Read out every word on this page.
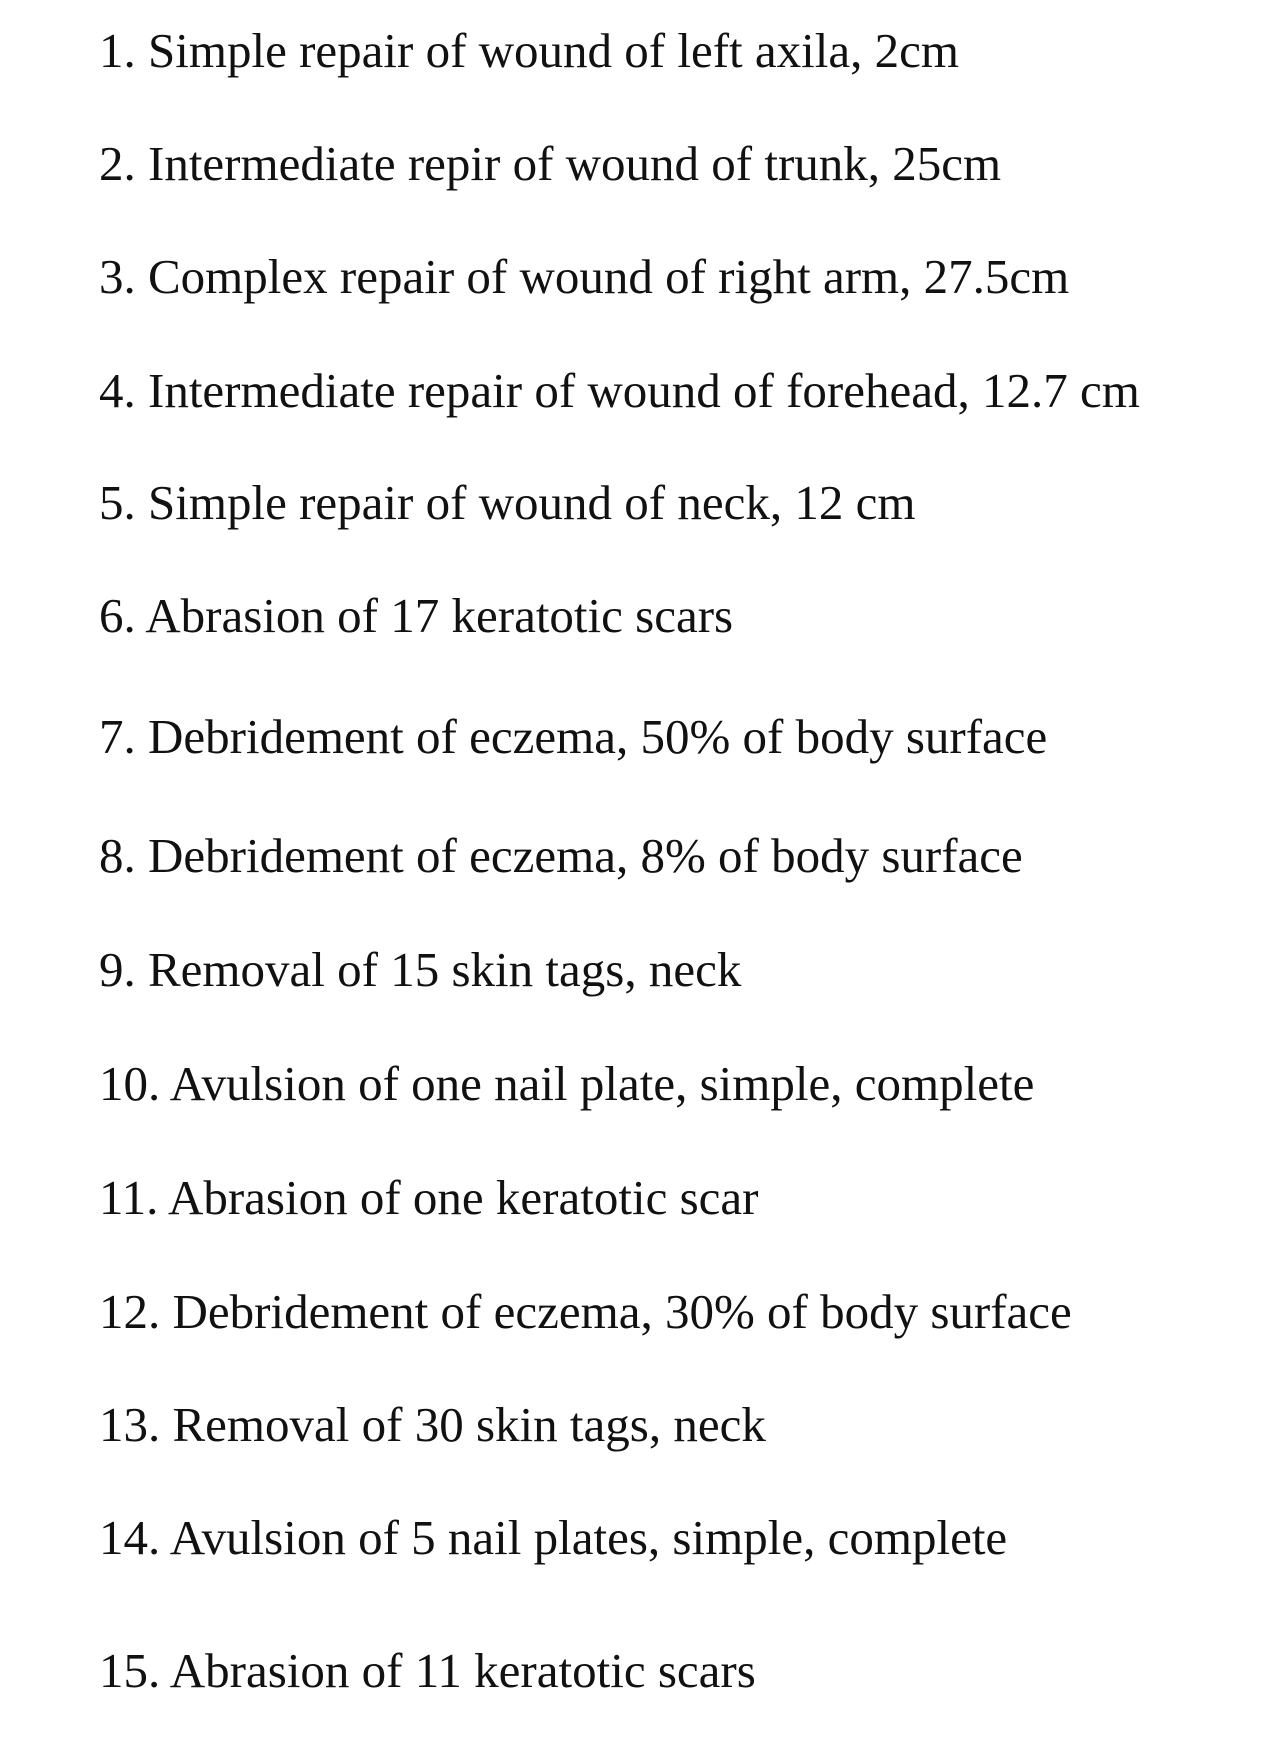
1. Simple repair of wound of left axila, 2cm
2. Intermediate repir of wound of trunk, 25cm
3. Complex repair of wound of right arm, 27.5cm
4. Intermediate repair of wound of forehead, 12.7 cm
5. Simple repair of wound of neck, 12 cm
6. Abrasion of 17 keratotic scars
7. Debridement of eczema, 50% of body surface
8. Debridement of eczema, 8% of body surface
9. Removal of 15 skin tags, neck
10. Avulsion of one nail plate, simple, complete
11. Abrasion of one keratotic scar
12. Debridement of eczema, 30% of body surface
13. Removal of 30 skin tags, neck
14. Avulsion of 5 nail plates, simple, complete
15. Abrasion of 11 keratotic scars
